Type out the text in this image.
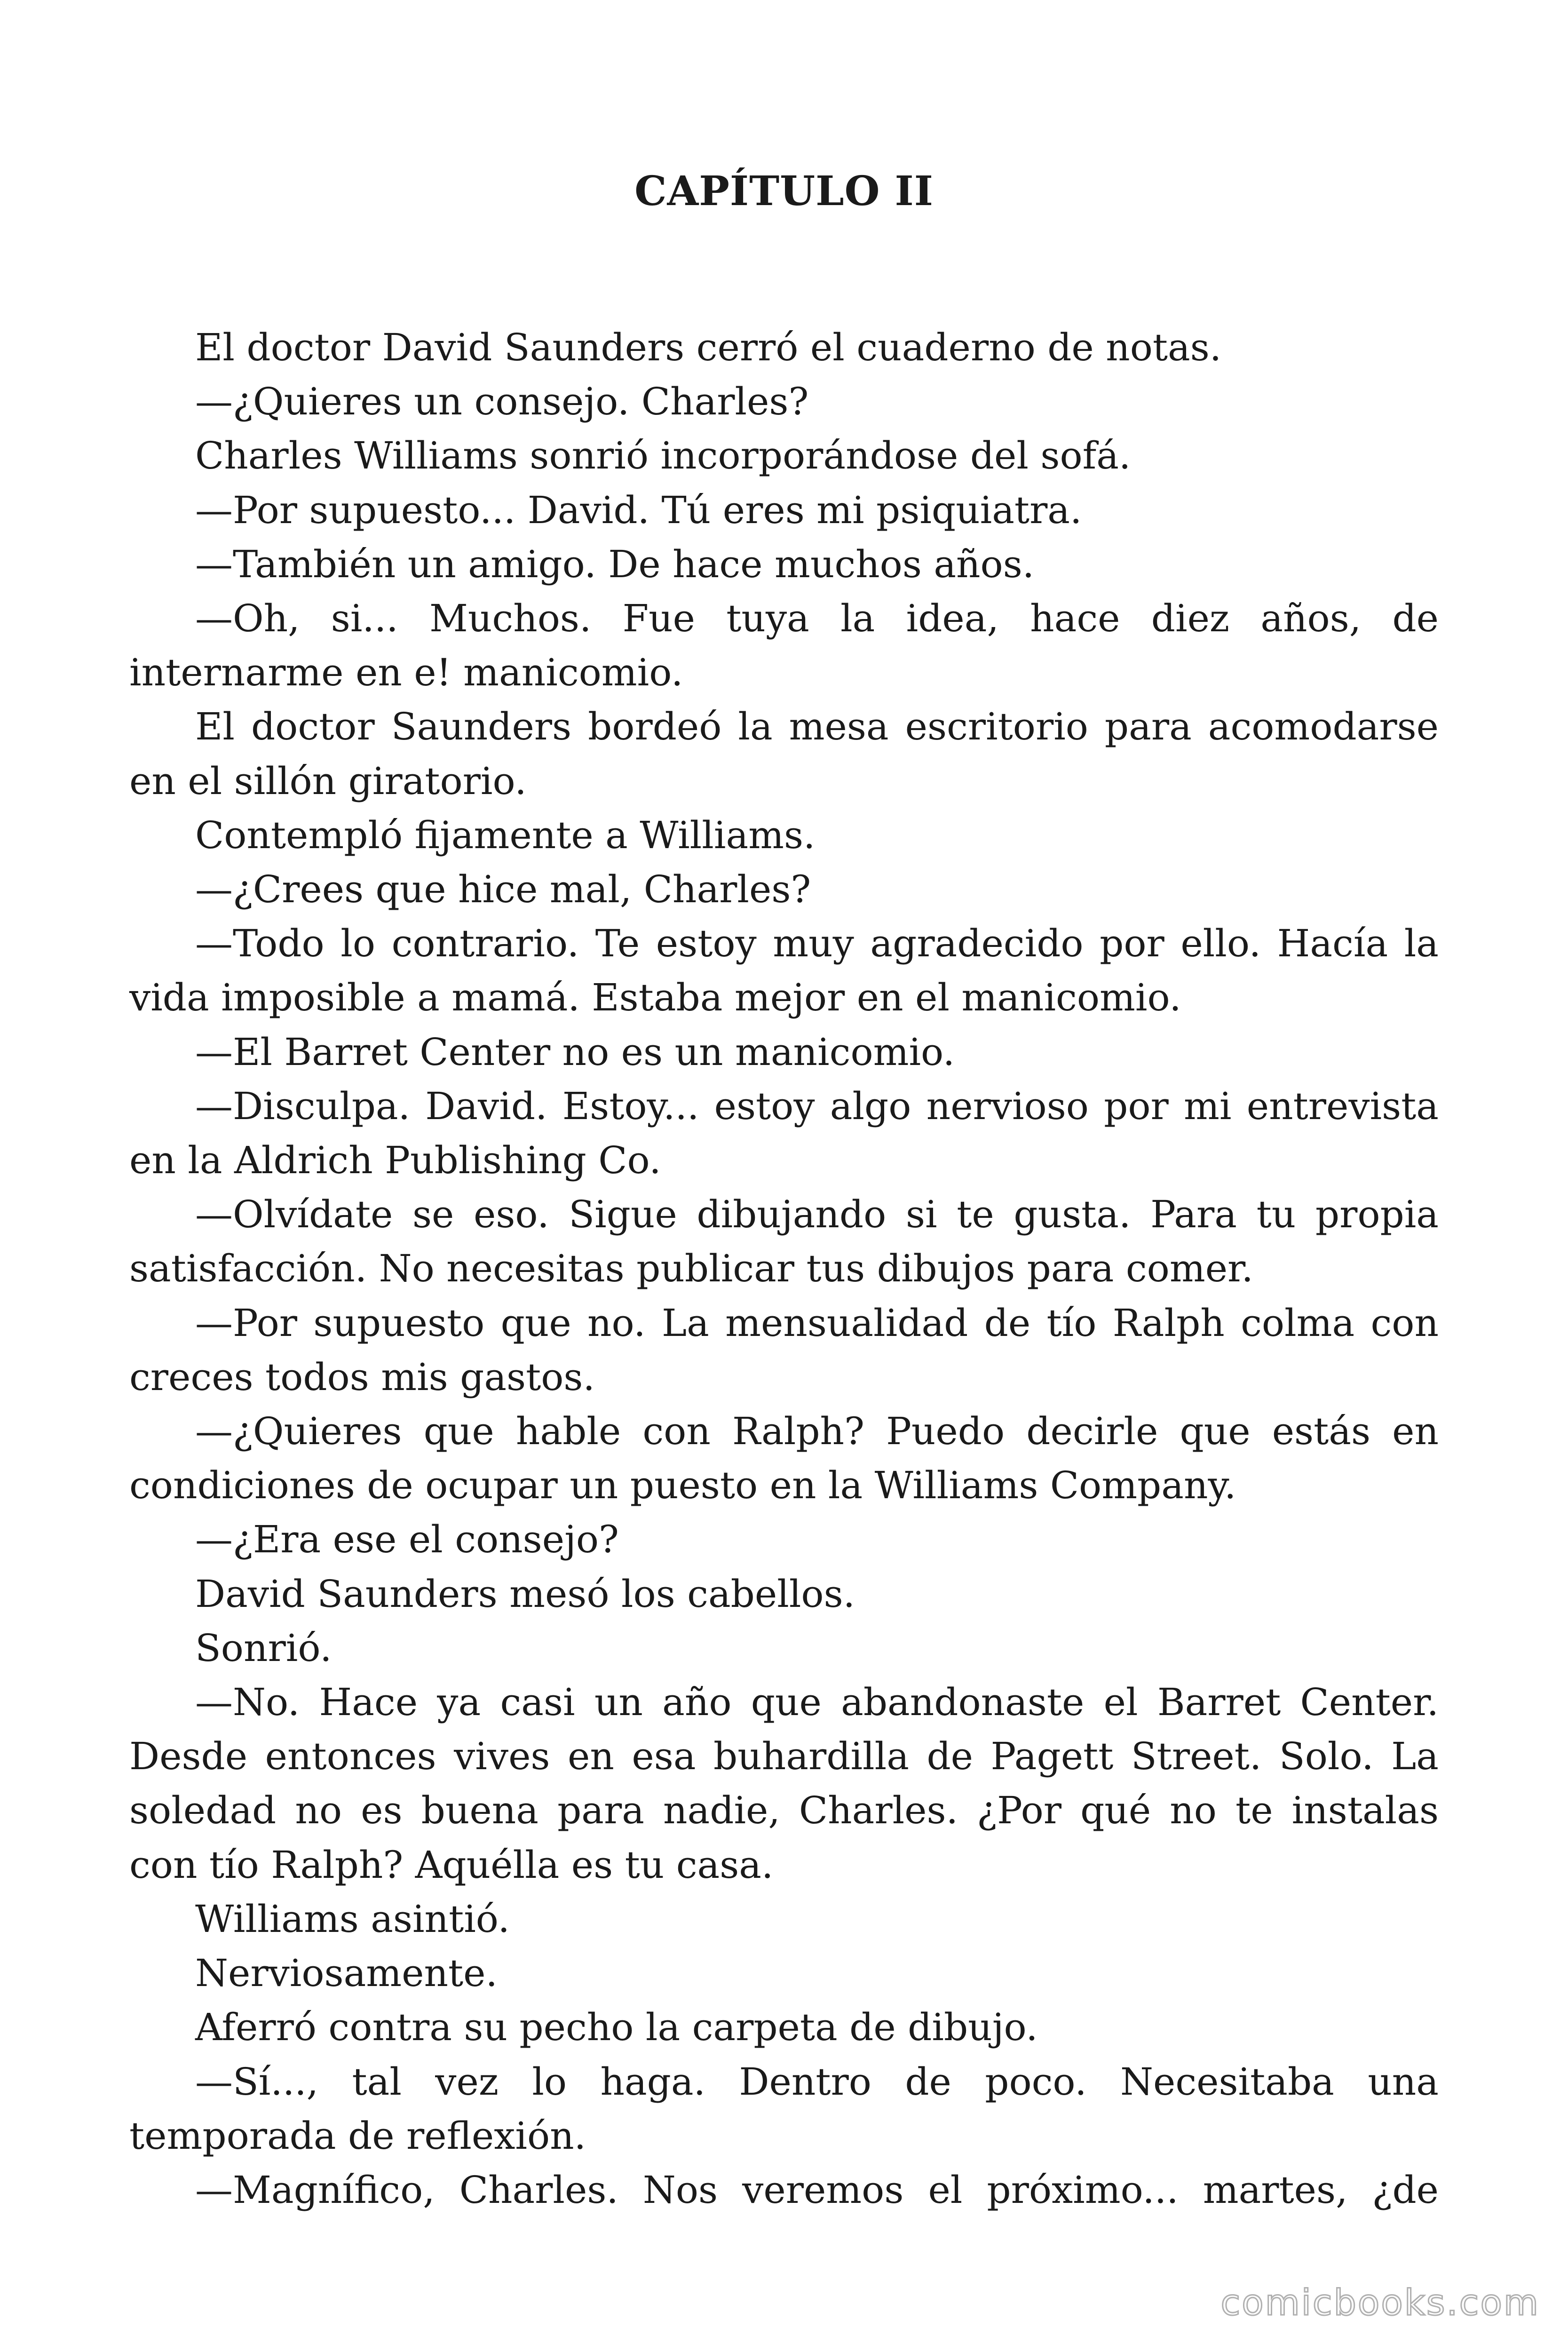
CAPÍTULO II

El doctor David Saunders cerró el cuaderno de notas.

—¿Quieres un consejo. Charles?

Charles Williams sonrió incorporándose del sofá.

—Por supuesto... David. Tú eres mi psiquiatra.

—También un amigo. De hace muchos años.

—Oh, si... Muchos. Fue tuya la idea, hace diez años, de internarme en e! manicomio.

El doctor Saunders bordeó la mesa escritorio para acomodarse en el sillón giratorio.

Contempló fijamente a Williams.

—¿Crees que hice mal, Charles?

—Todo lo contrario. Te estoy muy agradecido por ello. Hacía la vida imposible a mamá. Estaba mejor en el manicomio.

—El Barret Center no es un manicomio.

—Disculpa. David. Estoy... estoy algo nervioso por mi entrevista en la Aldrich Publishing Co.

—Olvídate se eso. Sigue dibujando si te gusta. Para tu propia satisfacción. No necesitas publicar tus dibujos para comer.

—Por supuesto que no. La mensualidad de tío Ralph colma con creces todos mis gastos.

—¿Quieres que hable con Ralph? Puedo decirle que estás en condiciones de ocupar un puesto en la Williams Company.

—¿Era ese el consejo?

David Saunders mesó los cabellos.

Sonrió.

—No. Hace ya casi un año que abandonaste el Barret Center. Desde entonces vives en esa buhardilla de Pagett Street. Solo. La soledad no es buena para nadie, Charles. ¿Por qué no te instalas con tío Ralph? Aquélla es tu casa.

Williams asintió.

Nerviosamente.

Aferró contra su pecho la carpeta de dibujo.

—Sí..., tal vez lo haga. Dentro de poco. Necesitaba una temporada de reflexión.

—Magnífico, Charles. Nos veremos el próximo... martes, ¿de

comicbooks.com
